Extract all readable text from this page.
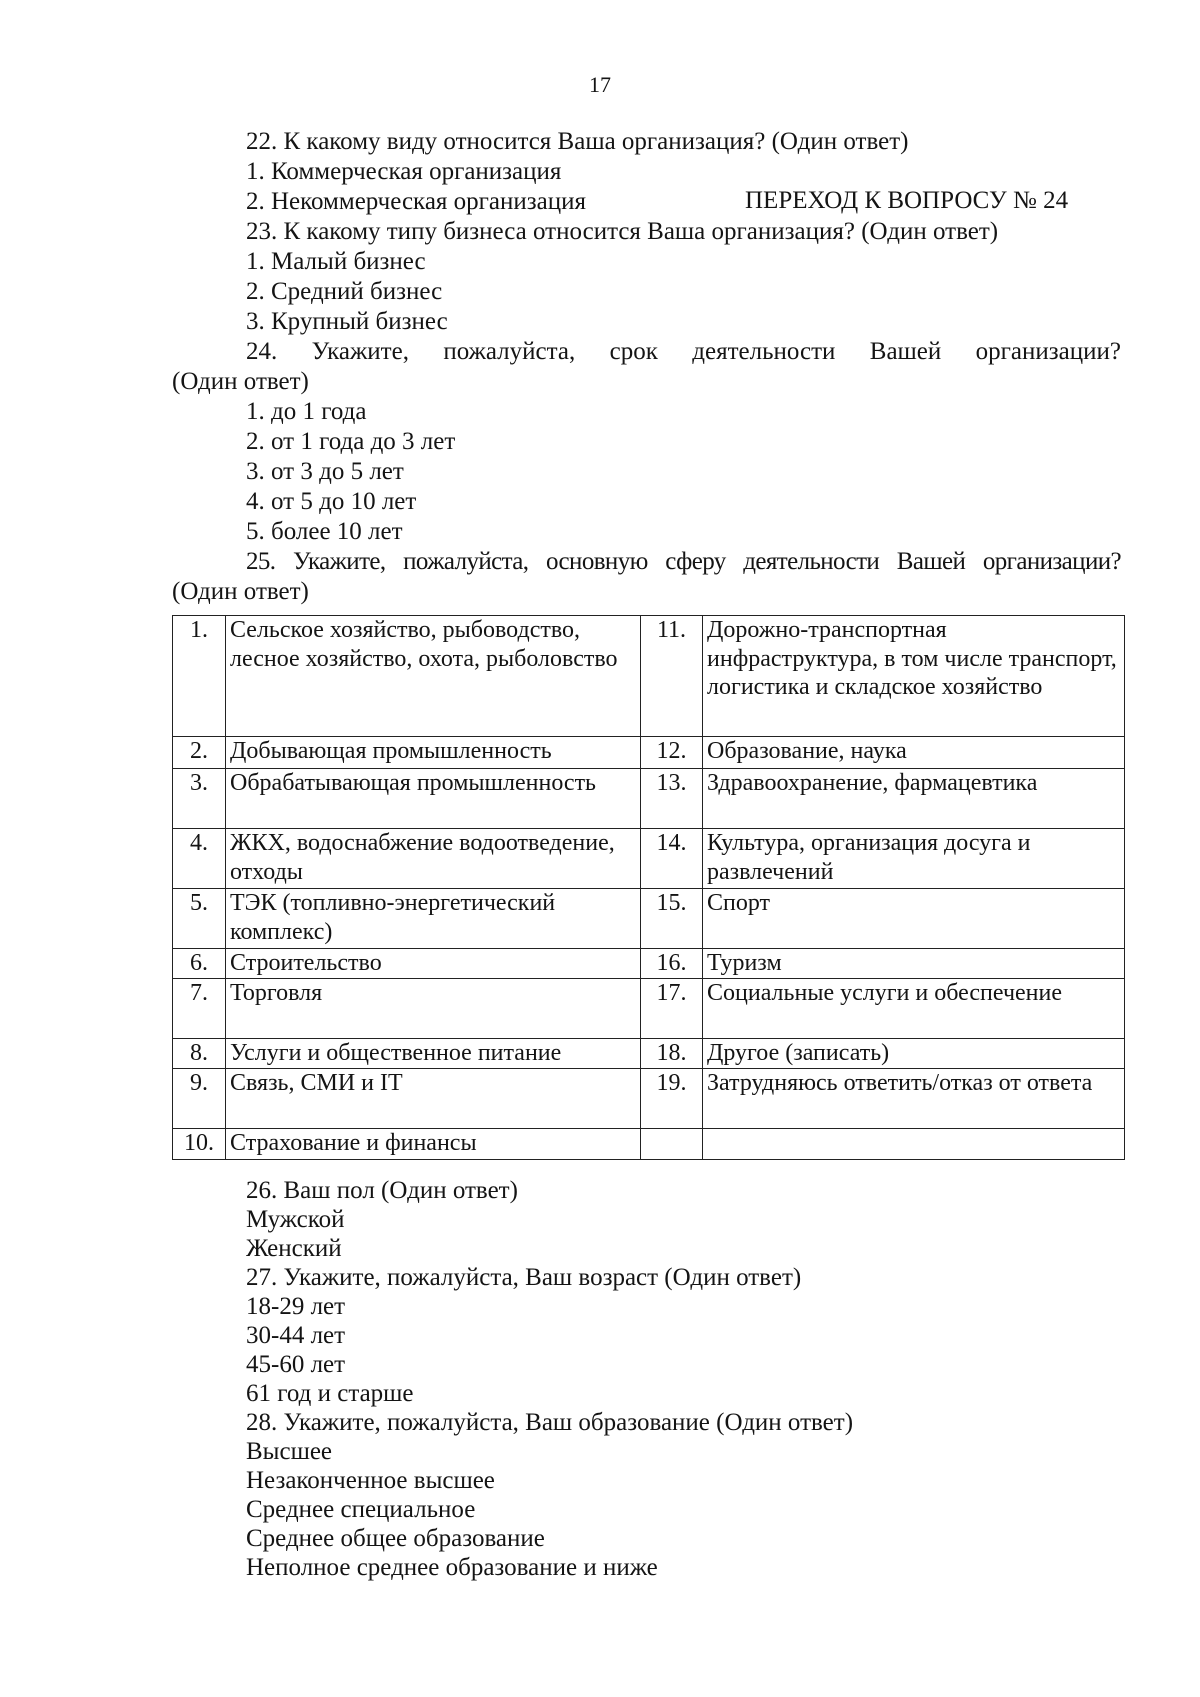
17
22. К какому виду относится Ваша организация? (Один ответ)
1. Коммерческая организация
2. Некоммерческая организация	ПЕРЕХОД К ВОПРОСУ № 24
23. К какому типу бизнеса относится Ваша организация? (Один ответ)
1. Малый бизнес
2. Средний бизнес
3. Крупный бизнес
24. Укажите, пожалуйста, срок деятельности Вашей организации?
(Один ответ)
1. до 1 года
2. от 1 года до 3 лет
3. от 3 до 5 лет
4. от 5 до 10 лет
5. более 10 лет
25. Укажите, пожалуйста, основную сферу деятельности Вашей организации?
(Один ответ)
1.	Сельское хозяйство, рыбоводство, лесное хозяйство, охота, рыболовство	11.	Дорожно-транспортная инфраструктура, в том числе транспорт, логистика и складское хозяйство
2.	Добывающая промышленность	12.	Образование, наука
3.	Обрабатывающая промышленность	13.	Здравоохранение, фармацевтика
4.	ЖКХ, водоснабжение водоотведение, отходы	14.	Культура, организация досуга и развлечений
5.	ТЭК (топливно-энергетический комплекс)	15.	Спорт
6.	Строительство	16.	Туризм
7.	Торговля	17.	Социальные услуги и обеспечение
8.	Услуги и общественное питание	18.	Другое (записать)
9.	Связь, СМИ и IT	19.	Затрудняюсь ответить/отказ от ответа
10.	Страхование и финансы		
26. Ваш пол (Один ответ)
Мужской
Женский
27. Укажите, пожалуйста, Ваш возраст (Один ответ)
18-29 лет
30-44 лет
45-60 лет
61 год и старше
28. Укажите, пожалуйста, Ваш образование (Один ответ)
Высшее
Незаконченное высшее
Среднее специальное
Среднее общее образование
Неполное среднее образование и ниже
